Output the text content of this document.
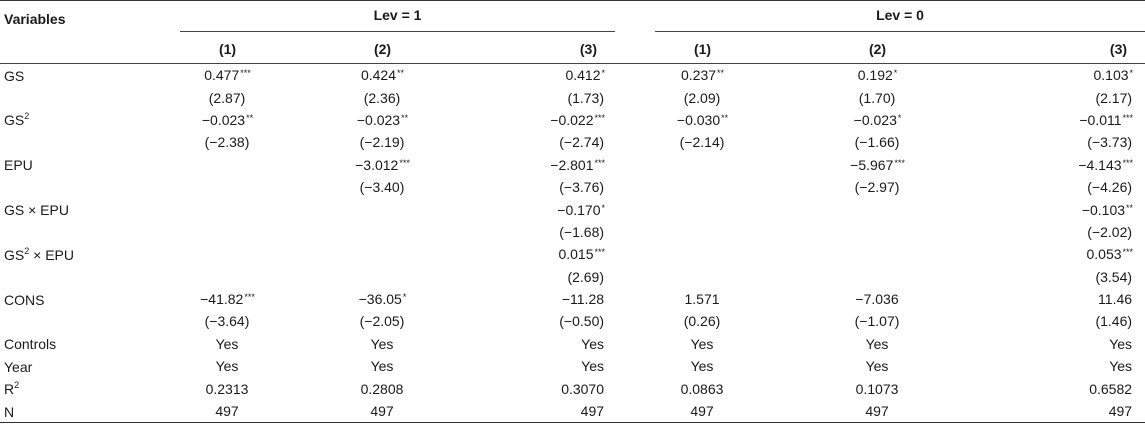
Variables	Lev = 1			Lev = 0		

	(1)	(2)	(3)	(1)	(2)	(3)
GS	0.477***	0.424**	0.412*	0.237**	0.192*	0.103*
	(2.87)	(2.36)	(1.73)	(2.09)	(1.70)	(2.17)
$GS^2$	−0.023**	−0.023**	−0.022***	−0.030**	−0.023*	−0.011***
	(−2.38)	(−2.19)	(−2.74)	(−2.14)	(−1.66)	(−3.73)
EPU		−3.012***	−2.801***		−5.967***	−4.143***
		(−3.40)	(−3.76)		(−2.97)	(−4.26)
GS × EPU			−0.170*			−0.103**
			(−1.68)			(−2.02)
$GS^2$ × EPU			0.015***			0.053***
			(2.69)			(3.54)
CONS	−41.82***	−36.05*	−11.28	1.571	−7.036	11.46
	(−3.64)	(−2.05)	(−0.50)	(0.26)	(−1.07)	(1.46)
Controls	Yes	Yes	Yes	Yes	Yes	Yes
Year	Yes	Yes	Yes	Yes	Yes	Yes
$R^2$	0.2313	0.2808	0.3070	0.0863	0.1073	0.6582
N	497	497	497	497	497	497
